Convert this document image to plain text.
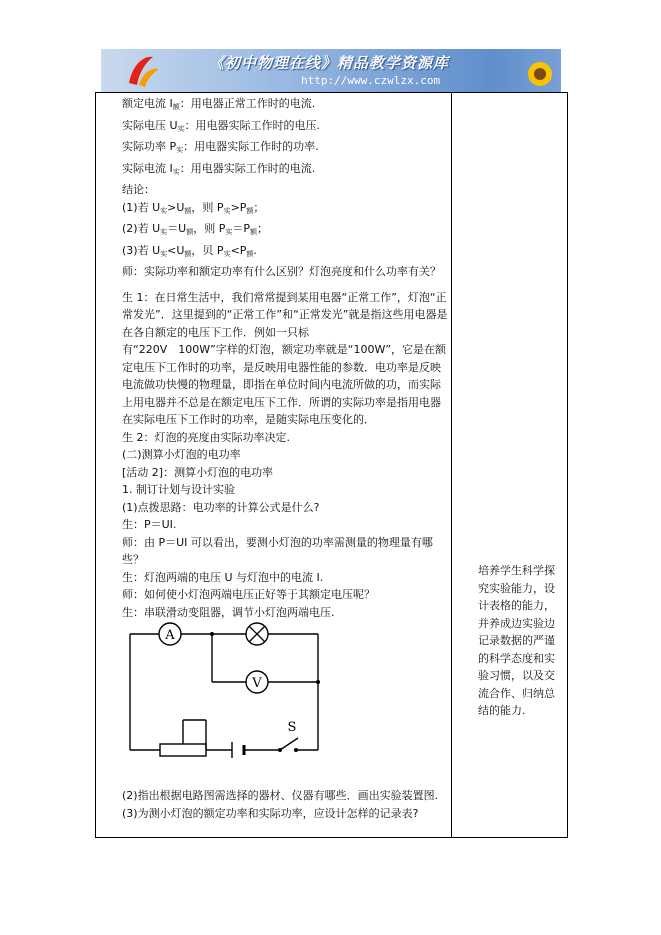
《初中物理在线》精品教学资源库
http://www.czwlzx.com

额定电流 $I_额$：用电器正常工作时的电流.

实际电压 $U_实$：用电器实际工作时的电压.

实际功率 $P_实$：用电器实际工作时的功率.

实际电流 $I_实$：用电器实际工作时的电流.

结论：

(1)若 $U_实>U_额$，则 $P_实>P_额$；

(2)若 $U_实=U_额$，则 $P_实=P_额$；

(3)若 $U_实<U_额$，贝 $P_实<P_额$.

师：实际功率和额定功率有什么区别？灯泡亮度和什么功率有关？

生 1：在日常生活中，我们常常提到某用电器“正常工作”，灯泡“正常发光”．这里提到的“正常工作”和“正常发光”就是指这些用电器是在各自额定的电压下工作．例如一只标

有“220V　100W”字样的灯泡，额定功率就是“100W”，它是在额定电压下工作时的功率，是反映用电器性能的参数．电功率是反映电流做功快慢的物理量，即指在单位时间内电流所做的功，而实际上用电器并不总是在额定电压下工作．所谓的实际功率是指用电器在实际电压下工作时的功率，是随实际电压变化的．

生 2：灯泡的亮度由实际功率决定.

(二)测算小灯泡的电功率

[活动 2]：测算小灯泡的电功率

1. 制订计划与设计实验

(1)点拨思路：电功率的计算公式是什么?

生：P＝UI.

师：由 P＝UI 可以看出，要测小灯泡的功率需测量的物理量有哪些？

生：灯泡两端的电压 U 与灯泡中的电流 I.

师：如何使小灯泡两端电压正好等于其额定电压呢？

生：串联滑动变阻器，调节小灯泡两端电压.

A
V
S

(2)指出根据电路图需选择的器材、仪器有哪些．画出实验装置图.

(3)为测小灯泡的额定功率和实际功率，应设计怎样的记录表?

培养学生科学探究实验能力，设计表格的能力，并养成边实验边记录数据的严谨的科学态度和实验习惯，以及交流合作、归纳总结的能力.
